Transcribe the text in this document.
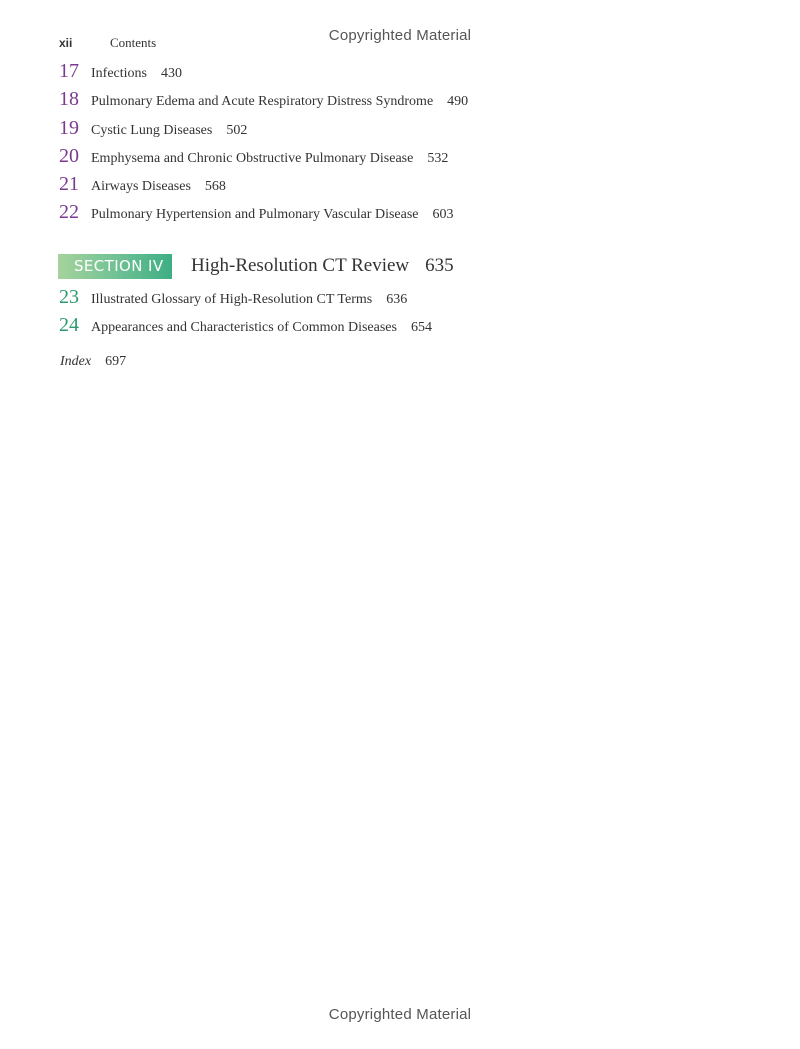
Copyrighted Material
xii	Contents
17 Infections 430
18 Pulmonary Edema and Acute Respiratory Distress Syndrome 490
19 Cystic Lung Diseases 502
20 Emphysema and Chronic Obstructive Pulmonary Disease 532
21 Airways Diseases 568
22 Pulmonary Hypertension and Pulmonary Vascular Disease 603
SECTION IV	High-Resolution CT Review 635
23 Illustrated Glossary of High-Resolution CT Terms 636
24 Appearances and Characteristics of Common Diseases 654
Index 697
Copyrighted Material
